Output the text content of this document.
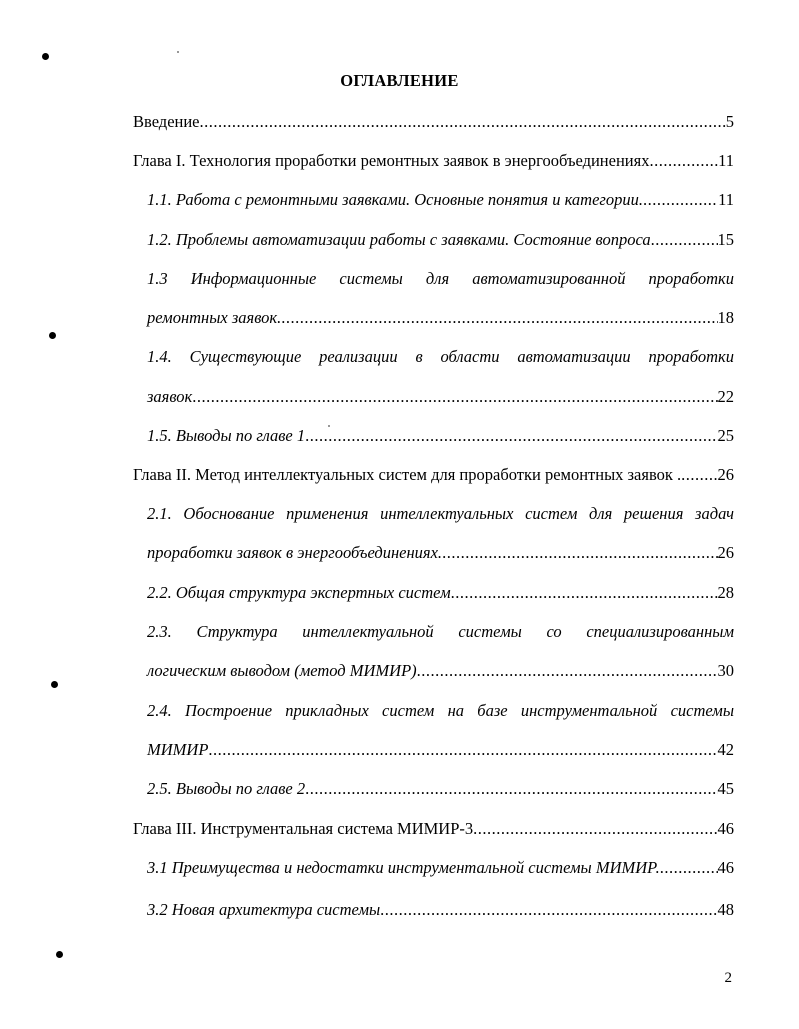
ОГЛАВЛЕНИЕ
Введение .....	5
Глава I. Технология проработки ремонтных заявок в энергообъединениях .....	11
1.1. Работа с ремонтными заявками. Основные понятия и категории. .....	11
1.2. Проблемы автоматизации работы с заявками. Состояние вопроса .....	15
1.3 Информационные системы для автоматизированной проработки
ремонтных заявок. .....	18
1.4. Существующие реализации в области автоматизации проработки
заявок .....	22
1.5. Выводы по главе 1 .....	25
Глава II. Метод интеллектуальных систем для проработки ремонтных заявок . ..... 26
2.1. Обоснование применения интеллектуальных систем для решения задач
проработки заявок в энергообъединениях. .....	26
2.2. Общая структура экспертных систем .....	28
2.3. Структура интеллектуальной системы со специализированным
логическим выводом (метод МИМИР) .....	30
2.4. Построение прикладных систем на базе инструментальной системы
МИМИР .....	42
2.5. Выводы по главе 2 .....	45
Глава III. Инструментальная система МИМИР-3 .....	46
3.1 Преимущества и недостатки инструментальной системы МИМИР. .....	46
3.2 Новая архитектура системы .....	48
2
